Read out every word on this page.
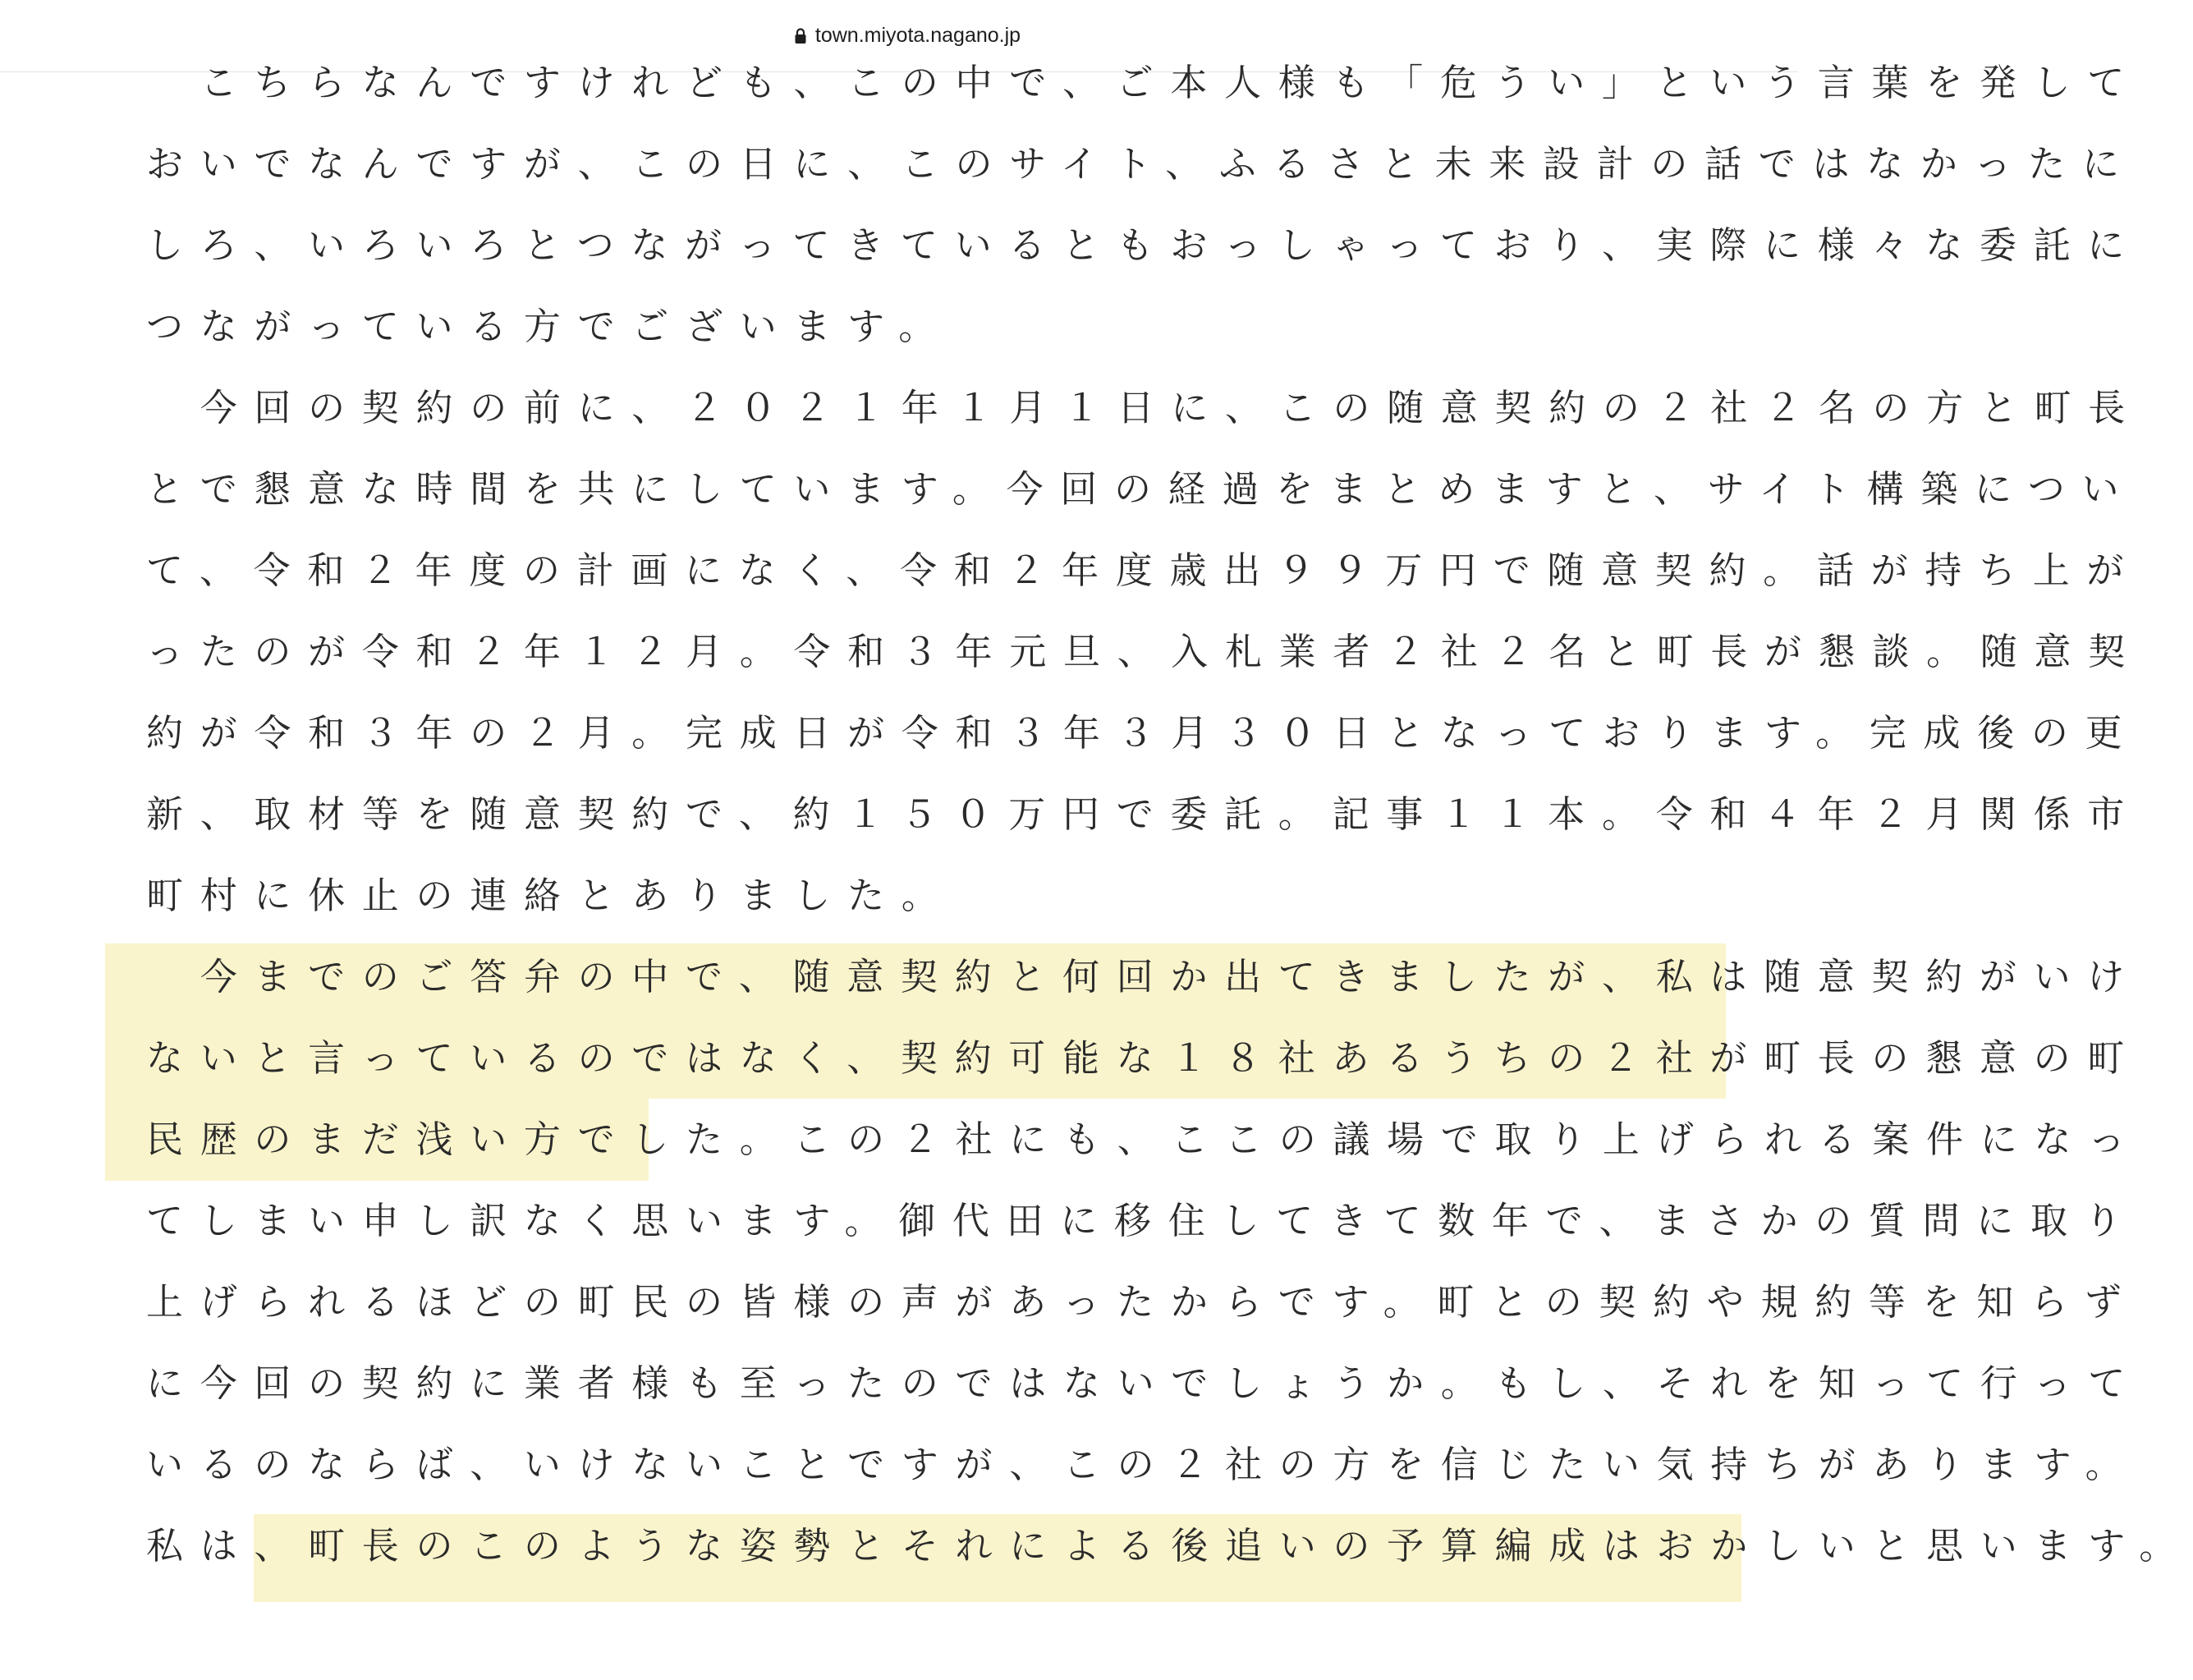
town.miyota.nagano.jp
　こちらなんですけれども、この中で、ご本人様も「危うい」という言葉を発して
おいでなんですが、この日に、このサイト、ふるさと未来設計の話ではなかったに
しろ、いろいろとつながってきているともおっしゃっており、実際に様々な委託に
つながっている方でございます。
　今回の契約の前に、２０２１年１月１日に、この随意契約の２社２名の方と町長
とで懇意な時間を共にしています。今回の経過をまとめますと、サイト構築につい
て、令和２年度の計画になく、令和２年度歳出９９万円で随意契約。話が持ち上が
ったのが令和２年１２月。令和３年元旦、入札業者２社２名と町長が懇談。随意契
約が令和３年の２月。完成日が令和３年３月３０日となっております。完成後の更
新、取材等を随意契約で、約１５０万円で委託。記事１１本。令和４年２月関係市
町村に休止の連絡とありました。
　今までのご答弁の中で、随意契約と何回か出てきましたが、私は随意契約がいけ
ないと言っているのではなく、契約可能な１８社あるうちの２社が町長の懇意の町
民歴のまだ浅い方でした。この２社にも、ここの議場で取り上げられる案件になっ
てしまい申し訳なく思います。御代田に移住してきて数年で、まさかの質問に取り
上げられるほどの町民の皆様の声があったからです。町との契約や規約等を知らず
に今回の契約に業者様も至ったのではないでしょうか。もし、それを知って行って
いるのならば、いけないことですが、この２社の方を信じたい気持ちがあります。
私は、町長のこのような姿勢とそれによる後追いの予算編成はおかしいと思います。
